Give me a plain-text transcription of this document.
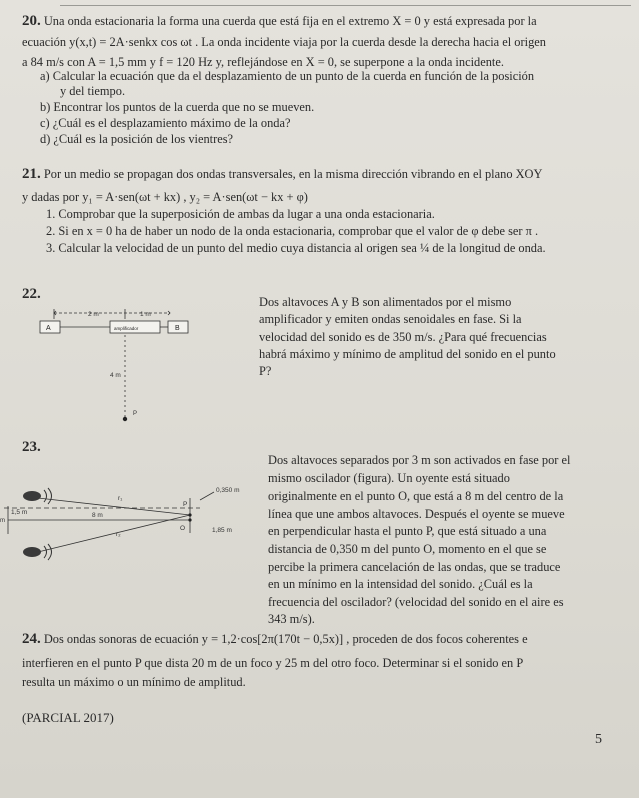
20. Una onda estacionaria la forma una cuerda que está fija en el extremo X = 0 y está expresada por la
ecuación y(x,t) = 2A·senkx cos ωt . La onda incidente viaja por la cuerda desde la derecha hacia el origen
a 84 m/s con A = 1,5 mm y f = 120 Hz y, reflejándose en X = 0, se superpone a la onda incidente.
a) Calcular la ecuación que da el desplazamiento de un punto de la cuerda en función de la posición
y del tiempo.
b) Encontrar los puntos de la cuerda que no se mueven.
c) ¿Cuál es el desplazamiento máximo de la onda?
d) ¿Cuál es la posición de los vientres?
21. Por un medio se propagan dos ondas transversales, en la misma dirección vibrando en el plano XOY
y dadas por y₁ = A·sen(ωt + kx) , y₂ = A·sen(ωt − kx + φ)
1. Comprobar que la superposición de ambas da lugar a una onda estacionaria.
2. Si en x = 0 ha de haber un nodo de la onda estacionaria, comprobar que el valor de φ debe ser π .
3. Calcular la velocidad de un punto del medio cuya distancia al origen sea ¼ de la longitud de onda.
22.
2 m	1 m
A	amplificador	B
4 m
P
Dos altavoces A y B son alimentados por el mismo
amplificador y emiten ondas senoidales en fase. Si la
velocidad del sonido es de 350 m/s. ¿Para qué frecuencias
habrá máximo y mínimo de amplitud del sonido en el punto
P?
23.
r₁
r₂
1,5 m	8 m
P
O
0,350 m
1,85 m
m
Dos altavoces separados por 3 m son activados en fase por el
mismo oscilador (figura). Un oyente está situado
originalmente en el punto O, que está a 8 m del centro de la
línea que une ambos altavoces. Después el oyente se mueve
en perpendicular hasta el punto P, que está situado a una
distancia de 0,350 m del punto O, momento en el que se
percibe la primera cancelación de las ondas, que se traduce
en un mínimo en la intensidad del sonido. ¿Cuál es la
frecuencia del oscilador? (velocidad del sonido en el aire es
343 m/s).
24. Dos ondas sonoras de ecuación y = 1,2·cos[2π(170t − 0,5x)] , proceden de dos focos coherentes e
interfieren en el punto P que dista 20 m de un foco y 25 m del otro foco. Determinar si el sonido en P
resulta un máximo o un mínimo de amplitud.
(PARCIAL 2017)
5
